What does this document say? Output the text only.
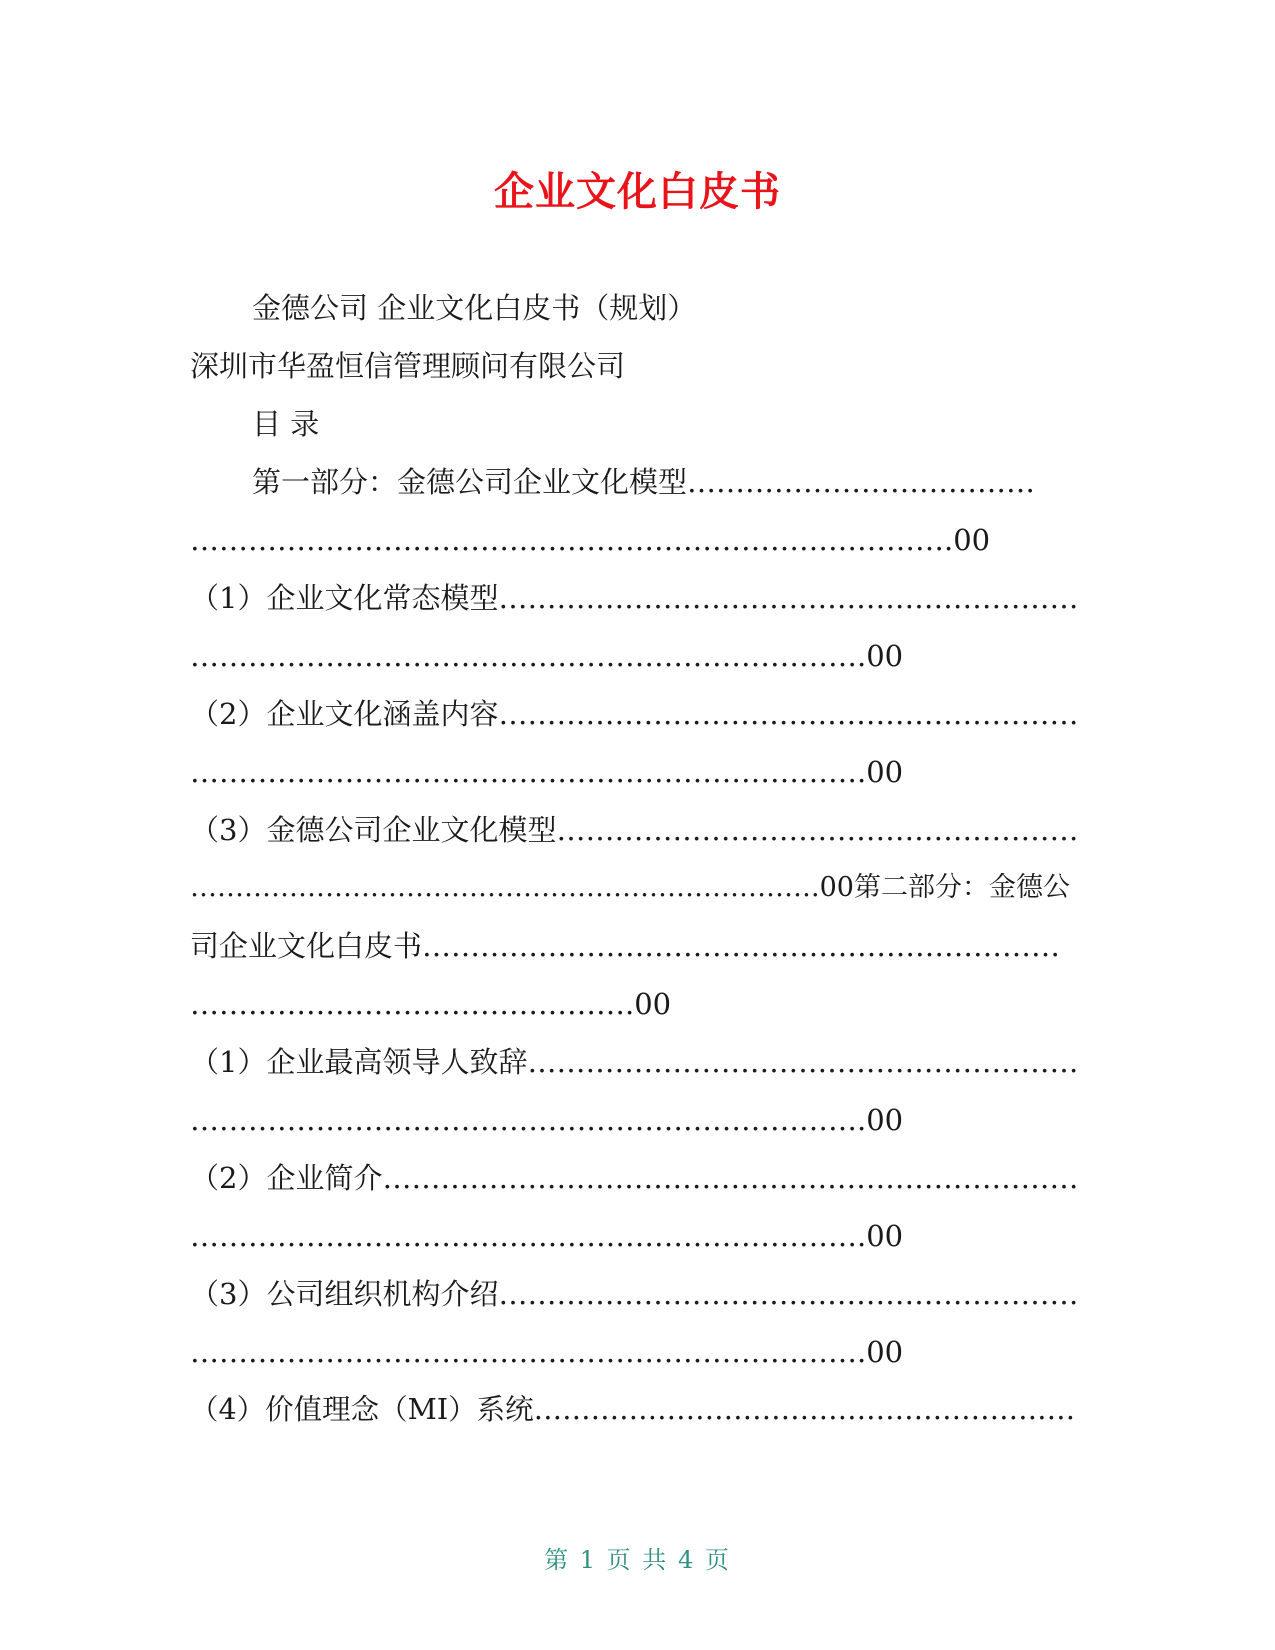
企业文化白皮书
金德公司 企业文化白皮书（规划）
深圳市华盈恒信管理顾问有限公司
目 录
第一部分：金德公司企业文化模型………………………………
…………………………………………………………………….00
（1）企业文化常态模型……………………………………………………
…………………………………………………………….00
（2）企业文化涵盖内容……………………………………………………
…………………………………………………………….00
（3）金德公司企业文化模型………………………………………………
…………………………………………………………….00第二部分：金德公
司企业文化白皮书…………………………………………………………
……………………………………….00
（1）企业最高领导人致辞…………………………………………………
…………………………………………………………….00
（2）企业简介………………………………………………………………
…………………………………………………………….00
（3）公司组织机构介绍……………………………………………………
…………………………………………………………….00
（4）价值理念（MI）系统…………………………………………………
第 1 页 共 4 页
